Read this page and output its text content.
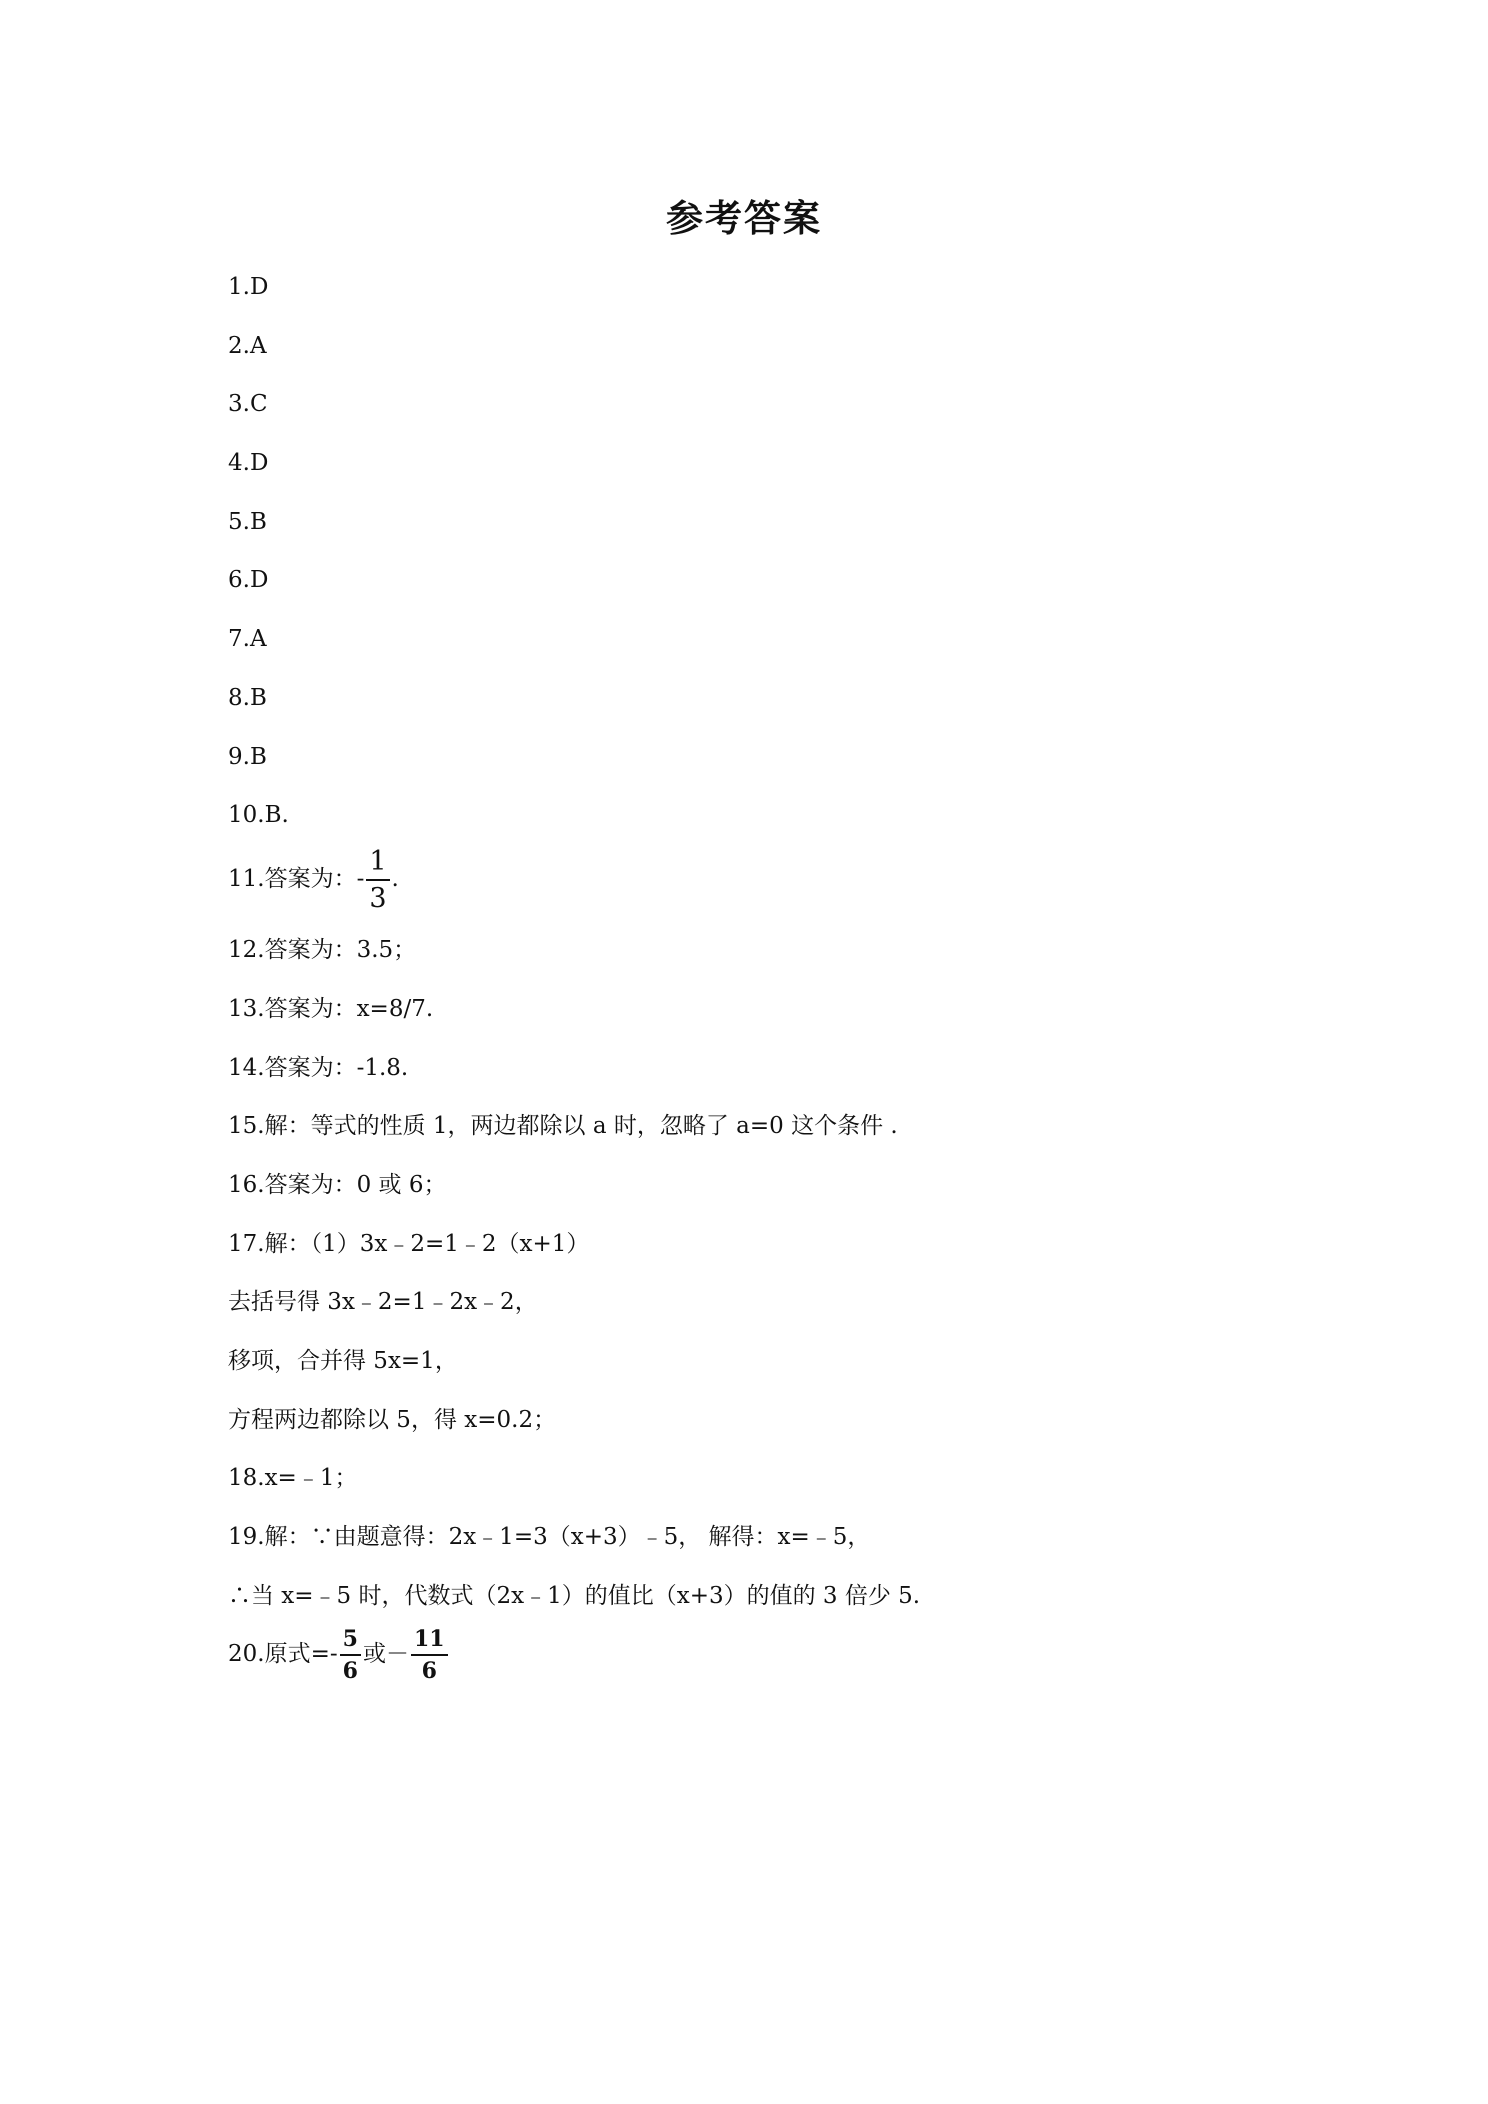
参考答案
1.D
2.A
3.C
4.D
5.B
6.D
7.A
8.B
9.B
10.B.
11.答案为：- $\frac{1}{3}$ .
12.答案为：3.5；
13.答案为：x=8/7.
14.答案为：-1.8.
15.解：等式的性质 1，两边都除以 a 时，忽略了 a=0 这个条件 .
16.答案为：0 或 6；
17.解：（1）3x﹣2=1﹣2（x+1）
去括号得 3x﹣2=1﹣2x﹣2，
移项，合并得 5x=1，
方程两边都除以 5，得 x=0.2；
18.x=﹣1；
19.解：∵由题意得：2x﹣1=3（x+3）﹣5， 解得：x=﹣5，
∴当 x=﹣5 时，代数式（2x﹣1）的值比（x+3）的值的 3 倍少 5.
20.原式=- $\frac{5}{6}$ 或－ $\frac{11}{6}$
